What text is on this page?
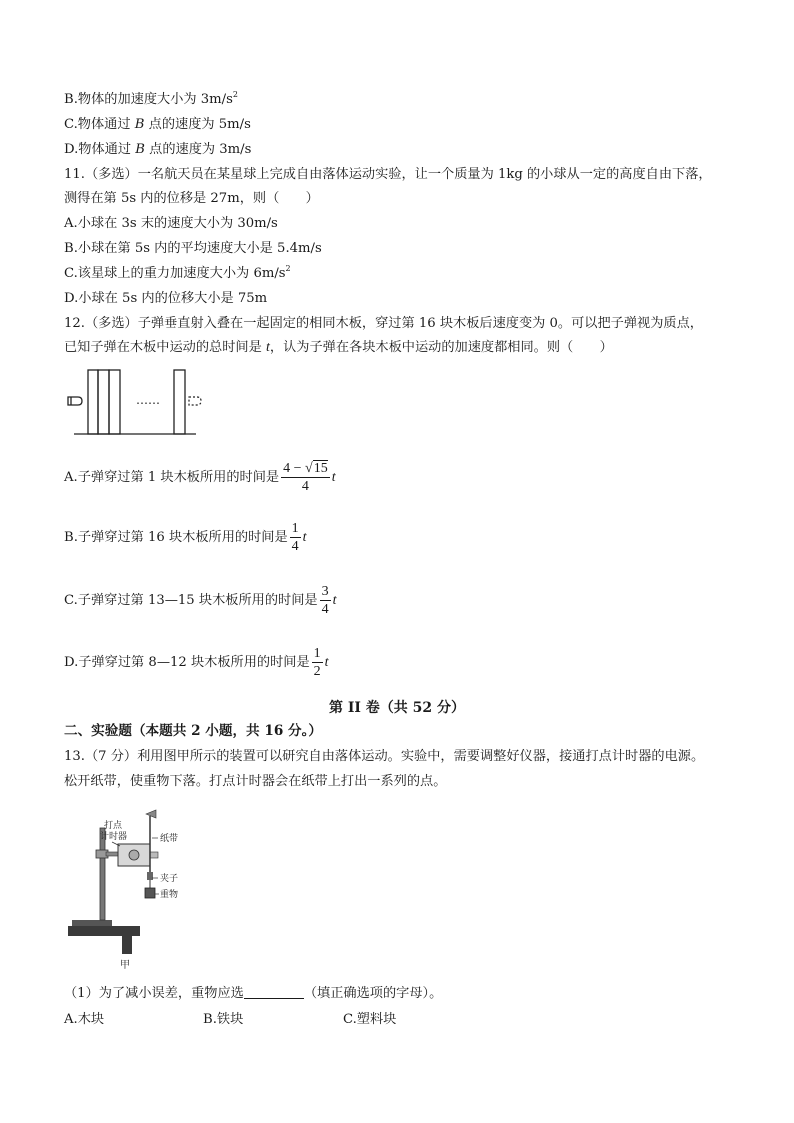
B.物体的加速度大小为 $3m/s^2$
C.物体通过 B 点的速度为 5m/s
D.物体通过 B 点的速度为 3m/s
11.（多选）一名航天员在某星球上完成自由落体运动实验，让一个质量为 1kg 的小球从一定的高度自由下落，
测得在第 5s 内的位移是 27m，则（　　）
A.小球在 3s 末的速度大小为 30m/s
B.小球在第 5s 内的平均速度大小是 5.4m/s
C.该星球上的重力加速度大小为 $6m/s^2$
D.小球在 5s 内的位移大小是 75m
12.（多选）子弹垂直射入叠在一起固定的相同木板，穿过第 16 块木板后速度变为 0。可以把子弹视为质点，
已知子弹在木板中运动的总时间是 t，认为子弹在各块木板中运动的加速度都相同。则（　　）
……
A.子弹穿过第 1 块木板所用的时间是 $\frac{4 - √15}{4}$ t
B.子弹穿过第 16 块木板所用的时间是 $\frac{1}{4}$ t
C.子弹穿过第 13—15 块木板所用的时间是 $\frac{3}{4}$ t
D.子弹穿过第 8—12 块木板所用的时间是 $\frac{1}{2}$ t
第 II 卷（共 52 分）
二、实验题（本题共 2 小题，共 16 分。）
13.（7 分）利用图甲所示的装置可以研究自由落体运动。实验中，需要调整好仪器，接通打点计时器的电源。
松开纸带，使重物下落。打点计时器会在纸带上打出一系列的点。
打点
计时器	纸带
夹子
重物
甲
（1）为了减小误差，重物应选	（填正确选项的字母）。
A.木块	B.铁块	C.塑料块
